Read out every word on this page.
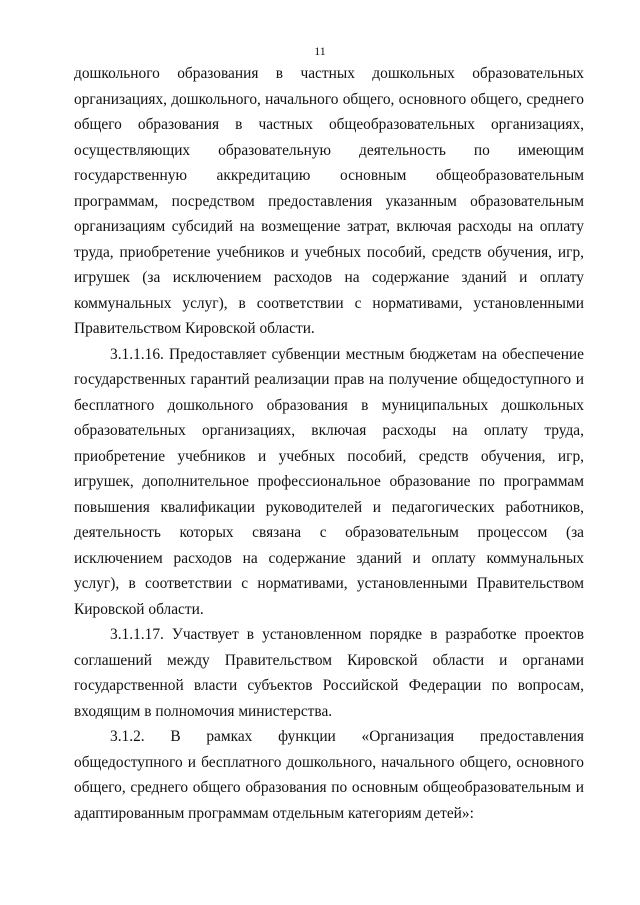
11

дошкольного образования в частных дошкольных образовательных организациях, дошкольного, начального общего, основного общего, среднего общего образования в частных общеобразовательных организациях, осуществляющих образовательную деятельность по имеющим государственную аккредитацию основным общеобразовательным программам, посредством предоставления указанным образовательным организациям субсидий на возмещение затрат, включая расходы на оплату труда, приобретение учебников и учебных пособий, средств обучения, игр, игрушек (за исключением расходов на содержание зданий и оплату коммунальных услуг), в соответствии с нормативами, установленными Правительством Кировской области.

3.1.1.16. Предоставляет субвенции местным бюджетам на обеспечение государственных гарантий реализации прав на получение общедоступного и бесплатного дошкольного образования в муниципальных дошкольных образовательных организациях, включая расходы на оплату труда, приобретение учебников и учебных пособий, средств обучения, игр, игрушек, дополнительное профессиональное образование по программам повышения квалификации руководителей и педагогических работников, деятельность которых связана с образовательным процессом (за исключением расходов на содержание зданий и оплату коммунальных услуг), в соответствии с нормативами, установленными Правительством Кировской области.

3.1.1.17. Участвует в установленном порядке в разработке проектов соглашений между Правительством Кировской области и органами государственной власти субъектов Российской Федерации по вопросам, входящим в полномочия министерства.

3.1.2. В рамках функции «Организация предоставления общедоступного и бесплатного дошкольного, начального общего, основного общего, среднего общего образования по основным общеобразовательным и адаптированным программам отдельным категориям детей»:
